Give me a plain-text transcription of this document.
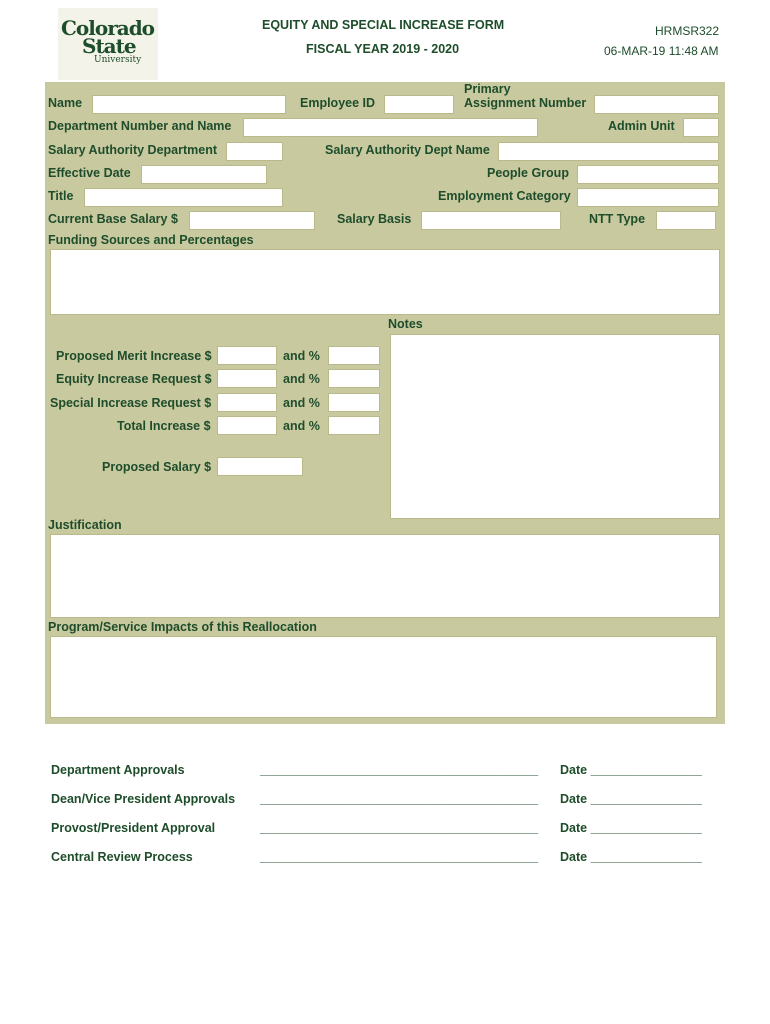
Colorado
State
University
EQUITY AND SPECIAL INCREASE FORM
FISCAL YEAR 2019 - 2020
HRMSR322
06-MAR-19 11:48 AM
Name	Employee ID
Primary
Assignment Number
Department Number and Name	Admin Unit
Salary Authority Department	Salary Authority Dept Name
Effective Date	People Group
Title	Employment Category
Current Base Salary $	Salary Basis	NTT Type
Funding Sources and Percentages
Notes
Proposed Merit Increase $	and %
Equity Increase Request $	and %
Special Increase Request $	and %
Total Increase $	and %
Proposed Salary $
Justification
Program/Service Impacts of this Reallocation
Department Approvals	________________________________________ Date ________________
Dean/Vice President Approvals ________________________________________ Date ________________
Provost/President Approval	________________________________________ Date ________________
Central Review Process	________________________________________ Date ________________
